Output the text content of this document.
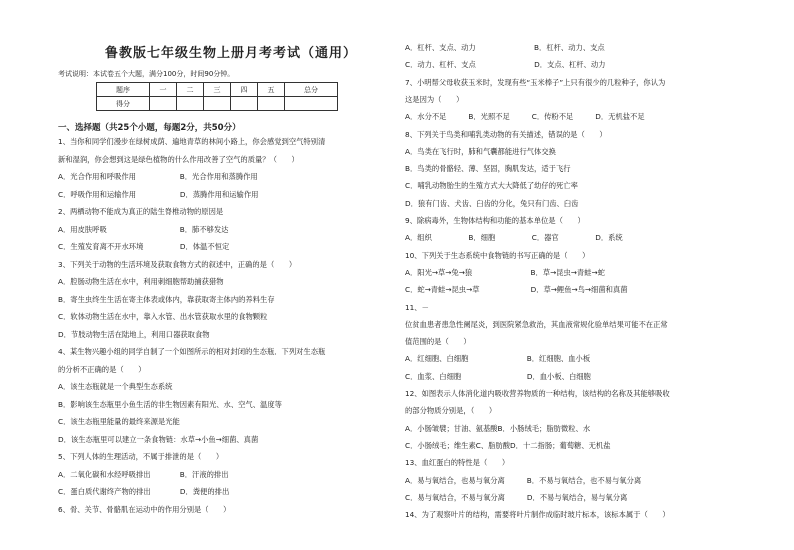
鲁教版七年级生物上册月考考试（通用）
考试说明：本试卷五个大题，满分100分，时间90分钟。
题序	一	二	三	四	五	总分
得分						
一、选择题（共25个小题，每题2分，共50分）
1、当你和同学们漫步在绿树成荫、遍地青草的林间小路上，你会感觉到空气特别清
新和湿润，你会想到这是绿色植物的什么作用改善了空气的质量？（　　）
A．光合作用和呼吸作用　　　　　　B．光合作用和蒸腾作用
C．呼吸作用和运输作用　　　　　　D．蒸腾作用和运输作用
2、两栖动物不能成为真正的陆生脊椎动物的原因是
A．用皮肤呼吸　　　　　　　　　　B．肺不够发达
C．生殖发育离不开水环境　　　　　D．体温不恒定
3、下列关于动物的生活环境及获取食物方式的叙述中，正确的是（　　）
A．腔肠动物生活在水中，利用刺细胞帮助捕获猎物
B．寄生虫终生生活在寄主体表或体内，靠获取寄主体内的养料生存
C．软体动物生活在水中，靠入水管、出水管获取水里的食物颗粒
D．节肢动物生活在陆地上，利用口器获取食物
4、某生物兴趣小组的同学自制了一个如图所示的相对封闭的生态瓶．下列对生态瓶
的分析不正确的是（　　）
A．该生态瓶就是一个典型生态系统
B．影响该生态瓶里小鱼生活的非生物因素有阳光、水、空气、温度等
C．该生态瓶里能量的最终来源是光能
D．该生态瓶里可以建立一条食物链：水草→小鱼→细菌、真菌
5、下列人体的生理活动，不属于排泄的是（　　）
A．二氧化碳和水经呼吸排出　　　　B．汗液的排出
C．蛋白质代谢终产物的排出　　　　D．粪便的排出
6、骨、关节、骨骼肌在运动中的作用分别是（　　）
A．杠杆、支点、动力　　　　　　　　B．杠杆、动力、支点
C．动力、杠杆、支点　　　　　　　　D．支点、杠杆、动力
7、小明帮父母收获玉米时，发现有些“玉米棒子”上只有很少的几粒种子，你认为
这是因为（　　）
A．水分不足　　　B．光照不足　　　C．传粉不足　　　D．无机盐不足
8、下列关于鸟类和哺乳类动物的有关描述，错误的是（　　）
A．鸟类在飞行时，肺和气囊都能进行气体交换
B．鸟类的骨骼轻、薄、坚固，胸肌发达，适于飞行
C．哺乳动物胎生的生殖方式大大降低了幼仔的死亡率
D．狼有门齿、犬齿、臼齿的分化，兔只有门齿、臼齿
9、除病毒外，生物体结构和功能的基本单位是（　　）
A．组织　　　　　B．细胞　　　　　C．器官　　　　　D．系统
10、下列关于生态系统中食物链的书写正确的是（　　）
A．阳光→草→兔→狼　　　　　　　　B．草→昆虫→青蛙→蛇
C．蛇→青蛙→昆虫→草　　　　　　　D．草→鲤鱼→鸟→细菌和真菌
11、－
位贫血患者患急性阑尾炎，到医院紧急救治，其血液常规化验单结果可能不在正常
值范围的是（　　）
A．红细胞、白细胞　　　　　　　　B．红细胞、血小板
C．血浆、白细胞　　　　　　　　　D．血小板、白细胞
12、如图表示人体消化道内吸收营养物质的一种结构，该结构的名称及其能够吸收
的部分物质分别是，（　　）
A．小肠皱襞；甘油、氨基酸B．小肠绒毛；脂肪微粒、水
C．小肠绒毛；维生素C、脂肪酸D．十二指肠；葡萄糖、无机盐
13、血红蛋白的特性是（　　）
A．易与氧结合，也易与氧分离　　　B．不易与氧结合，也不易与氧分离
C．易与氧结合，不易与氧分离　　　D．不易与氧结合，易与氧分离
14、为了观察叶片的结构，需要将叶片制作成临时玻片标本，该标本属于（　　）
